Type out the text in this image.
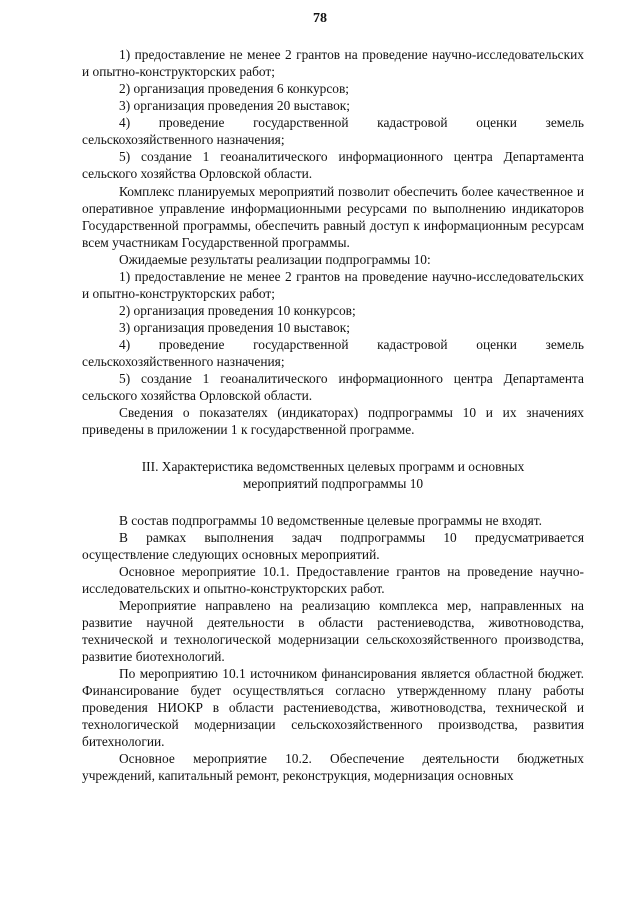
78

1) предоставление не менее 2 грантов на проведение научно-исследовательских и опытно-конструкторских работ;

2) организация проведения 6 конкурсов;

3) организация проведения 20 выставок;

4) проведение государственной кадастровой оценки земель сельскохозяйственного назначения;

5) создание 1 геоаналитического информационного центра Департамента сельского хозяйства Орловской области.

Комплекс планируемых мероприятий позволит обеспечить более качественное и оперативное управление информационными ресурсами по выполнению индикаторов Государственной программы, обеспечить равный доступ к информационным ресурсам всем участникам Государственной программы.

Ожидаемые результаты реализации подпрограммы 10:

1) предоставление не менее 2 грантов на проведение научно-исследовательских и опытно-конструкторских работ;

2) организация проведения 10 конкурсов;

3) организация проведения 10 выставок;

4) проведение государственной кадастровой оценки земель сельскохозяйственного назначения;

5) создание 1 геоаналитического информационного центра Департамента сельского хозяйства Орловской области.

Сведения о показателях (индикаторах) подпрограммы 10 и их значениях приведены в приложении 1 к государственной программе.

III. Характеристика ведомственных целевых программ и основных
мероприятий подпрограммы 10

В состав подпрограммы 10 ведомственные целевые программы не входят.

В рамках выполнения задач подпрограммы 10 предусматривается осуществление следующих основных мероприятий.

Основное мероприятие 10.1. Предоставление грантов на проведение научно-исследовательских и опытно-конструкторских работ.

Мероприятие направлено на реализацию комплекса мер, направленных на развитие научной деятельности в области растениеводства, животноводства, технической и технологической модернизации сельскохозяйственного производства, развитие биотехнологий.

По мероприятию 10.1 источником финансирования является областной бюджет. Финансирование будет осуществляться согласно утвержденному плану работы проведения НИОКР в области растениеводства, животноводства, технической и технологической модернизации сельскохозяйственного производства, развития битехнологии.

Основное мероприятие 10.2. Обеспечение деятельности бюджетных учреждений, капитальный ремонт, реконструкция, модернизация основных
